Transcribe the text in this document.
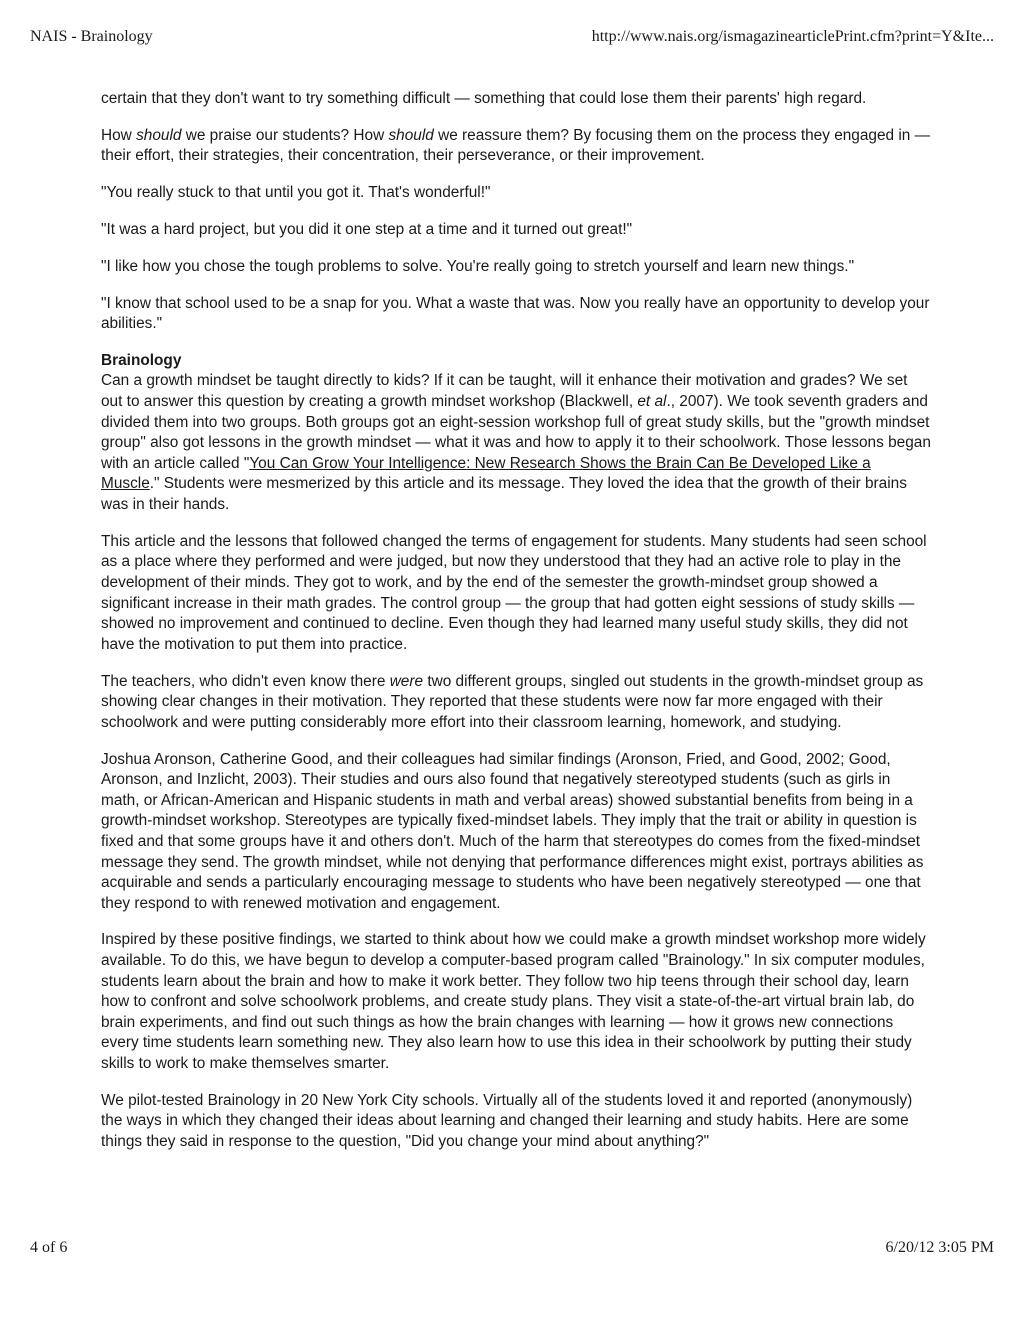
NAIS - Brainology	http://www.nais.org/ismagazinearticlePrint.cfm?print=Y&Ite...

certain that they don't want to try something difficult — something that could lose them their parents' high regard.

How should we praise our students? How should we reassure them? By focusing them on the process they engaged in — their effort, their strategies, their concentration, their perseverance, or their improvement.

"You really stuck to that until you got it. That's wonderful!"

"It was a hard project, but you did it one step at a time and it turned out great!"

"I like how you chose the tough problems to solve. You're really going to stretch yourself and learn new things."

"I know that school used to be a snap for you. What a waste that was. Now you really have an opportunity to develop your abilities."

Brainology

Can a growth mindset be taught directly to kids? If it can be taught, will it enhance their motivation and grades? We set out to answer this question by creating a growth mindset workshop (Blackwell, et al., 2007). We took seventh graders and divided them into two groups. Both groups got an eight-session workshop full of great study skills, but the "growth mindset group" also got lessons in the growth mindset — what it was and how to apply it to their schoolwork. Those lessons began with an article called "You Can Grow Your Intelligence: New Research Shows the Brain Can Be Developed Like a Muscle." Students were mesmerized by this article and its message. They loved the idea that the growth of their brains was in their hands.

This article and the lessons that followed changed the terms of engagement for students. Many students had seen school as a place where they performed and were judged, but now they understood that they had an active role to play in the development of their minds. They got to work, and by the end of the semester the growth-mindset group showed a significant increase in their math grades. The control group — the group that had gotten eight sessions of study skills — showed no improvement and continued to decline. Even though they had learned many useful study skills, they did not have the motivation to put them into practice.

The teachers, who didn't even know there were two different groups, singled out students in the growth-mindset group as showing clear changes in their motivation. They reported that these students were now far more engaged with their schoolwork and were putting considerably more effort into their classroom learning, homework, and studying.

Joshua Aronson, Catherine Good, and their colleagues had similar findings (Aronson, Fried, and Good, 2002; Good, Aronson, and Inzlicht, 2003). Their studies and ours also found that negatively stereotyped students (such as girls in math, or African-American and Hispanic students in math and verbal areas) showed substantial benefits from being in a growth-mindset workshop. Stereotypes are typically fixed-mindset labels. They imply that the trait or ability in question is fixed and that some groups have it and others don't. Much of the harm that stereotypes do comes from the fixed-mindset message they send. The growth mindset, while not denying that performance differences might exist, portrays abilities as acquirable and sends a particularly encouraging message to students who have been negatively stereotyped — one that they respond to with renewed motivation and engagement.

Inspired by these positive findings, we started to think about how we could make a growth mindset workshop more widely available. To do this, we have begun to develop a computer-based program called "Brainology." In six computer modules, students learn about the brain and how to make it work better. They follow two hip teens through their school day, learn how to confront and solve schoolwork problems, and create study plans. They visit a state-of-the-art virtual brain lab, do brain experiments, and find out such things as how the brain changes with learning — how it grows new connections every time students learn something new. They also learn how to use this idea in their schoolwork by putting their study skills to work to make themselves smarter.

We pilot-tested Brainology in 20 New York City schools. Virtually all of the students loved it and reported (anonymously) the ways in which they changed their ideas about learning and changed their learning and study habits. Here are some things they said in response to the question, "Did you change your mind about anything?"

4 of 6	6/20/12 3:05 PM
